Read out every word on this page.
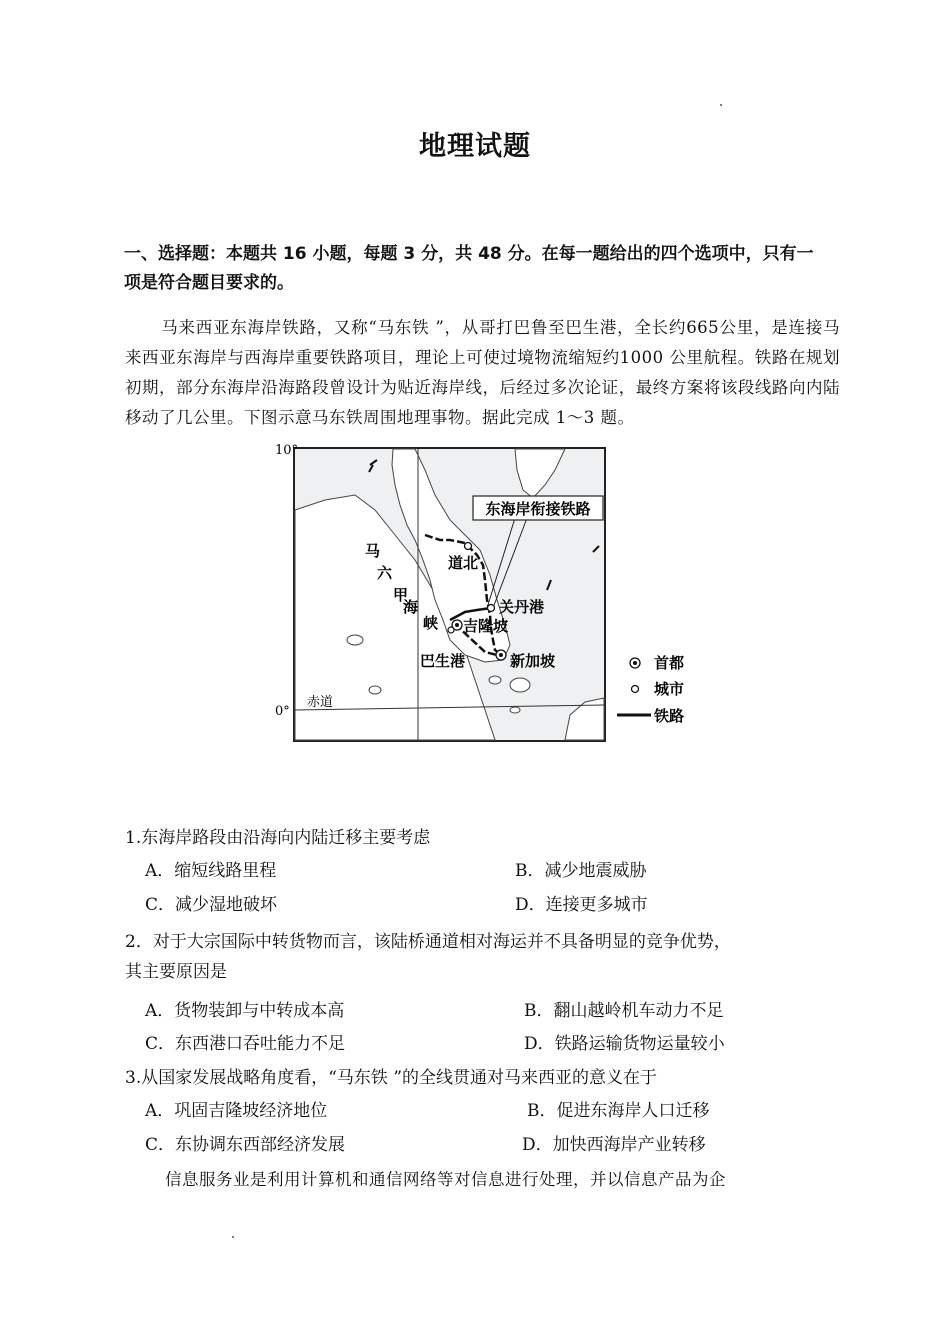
地理试题
一、选择题：本题共 16 小题，每题 3 分，共 48 分。在每一题给出的四个选项中，只有一项是符合题目要求的。
马来西亚东海岸铁路，又称“马东铁 ”，从哥打巴鲁至巴生港，全长约665公里，是连接马来西亚东海岸与西海岸重要铁路项目，理论上可使过境物流缩短约1000 公里航程。铁路在规划初期，部分东海岸沿海路段曾设计为贴近海岸线，后经过多次论证，最终方案将该段线路向内陆移动了几公里。下图示意马东铁周围地理事物。据此完成 1～3 题。
东海岸衔接铁路
10°
0°
赤道
马
六
甲
海
峡
道北
关丹港
吉隆坡
巴生港	新加坡	首都
城市
铁路
1.东海岸路段由沿海向内陆迁移主要考虑
A．缩短线路里程	B．减少地震威胁
C．减少湿地破坏	D．连接更多城市
2．对于大宗国际中转货物而言，该陆桥通道相对海运并不具备明显的竞争优势，
其主要原因是
A．货物装卸与中转成本高	B．翻山越岭机车动力不足
C．东西港口吞吐能力不足	D．铁路运输货物运量较小
3.从国家发展战略角度看，“马东铁 ”的全线贯通对马来西亚的意义在于
A．巩固吉隆坡经济地位	B．促进东海岸人口迁移
C．东协调东西部经济发展	D．加快西海岸产业转移
信息服务业是利用计算机和通信网络等对信息进行处理，并以信息产品为企
